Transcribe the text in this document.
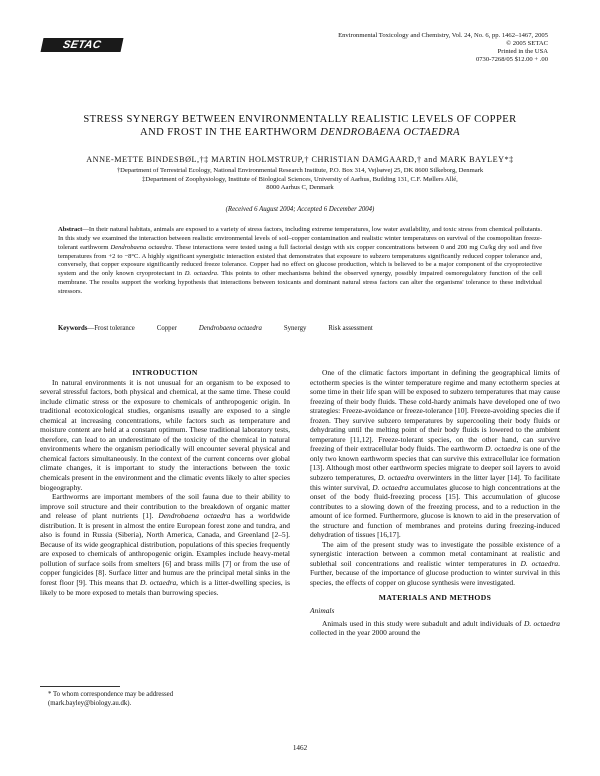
SETAC PRESS
Environmental Toxicology and Chemistry, Vol. 24, No. 6, pp. 1462–1467, 2005
© 2005 SETAC
Printed in the USA
0730-7268/05 $12.00 + .00
STRESS SYNERGY BETWEEN ENVIRONMENTALLY REALISTIC LEVELS OF COPPER
AND FROST IN THE EARTHWORM DENDROBAENA OCTAEDRA
ANNE-METTE BINDESBØL,†‡ MARTIN HOLMSTRUP,† CHRISTIAN DAMGAARD,† and MARK BAYLEY*‡
†Department of Terrestrial Ecology, National Environmental Research Institute, P.O. Box 314, Vejlsøvej 25, DK 8600 Silkeborg, Denmark
‡Department of Zoophysiology, Institute of Biological Sciences, University of Aarhus, Building 131, C.F. Møllers Allé,
8000 Aarhus C, Denmark
(Received 6 August 2004; Accepted 6 December 2004)
Abstract—In their natural habitats, animals are exposed to a variety of stress factors, including extreme temperatures, low water availability, and toxic stress from chemical pollutants. In this study we examined the interaction between realistic environmental levels of soil–copper contamination and realistic winter temperatures on survival of the cosmopolitan freeze-tolerant earthworm Dendrobaena octaedra. These interactions were tested using a full factorial design with six copper concentrations between 0 and 200 mg Cu/kg dry soil and five temperatures from +2 to −8°C. A highly significant synergistic interaction existed that demonstrates that exposure to subzero temperatures significantly reduced copper tolerance and, conversely, that copper exposure significantly reduced freeze tolerance. Copper had no effect on glucose production, which is believed to be a major component of the cryoprotective system and the only known cryoprotectant in D. octaedra. This points to other mechanisms behind the observed synergy, possibly impaired osmoregulatory function of the cell membrane. The results support the working hypothesis that interactions between toxicants and dominant natural stress factors can alter the organisms' tolerance to these individual stressors.
Keywords—Frost tolerance	Copper	Dendrobaena octaedra	Synergy	Risk assessment

INTRODUCTION

In natural environments it is not unusual for an organism to be exposed to several stressful factors, both physical and chemical, at the same time. These could include climatic stress or the exposure to chemicals of anthropogenic origin. In traditional ecotoxicological studies, organisms usually are exposed to a single chemical at increasing concentrations, while factors such as temperature and moisture content are held at a constant optimum. These traditional laboratory tests, therefore, can lead to an underestimate of the toxicity of the chemical in natural environments where the organism periodically will encounter several physical and chemical factors simultaneously. In the context of the current concerns over global climate changes, it is important to study the interactions between the toxic chemicals present in the environment and the climatic events likely to alter species biogeography.

Earthworms are important members of the soil fauna due to their ability to improve soil structure and their contribution to the breakdown of organic matter and release of plant nutrients [1]. Dendrobaena octaedra has a worldwide distribution. It is present in almost the entire European forest zone and tundra, and also is found in Russia (Siberia), North America, Canada, and Greenland [2–5]. Because of its wide geographical distribution, populations of this species frequently are exposed to chemicals of anthropogenic origin. Examples include heavy-metal pollution of surface soils from smelters [6] and brass mills [7] or from the use of copper fungicides [8]. Surface litter and humus are the principal metal sinks in the forest floor [9]. This means that D. octaedra, which is a litter-dwelling species, is likely to be more exposed to metals than burrowing species.

One of the climatic factors important in defining the geographical limits of ectotherm species is the winter temperature regime and many ectotherm species at some time in their life span will be exposed to subzero temperatures that may cause freezing of their body fluids. These cold-hardy animals have developed one of two strategies: Freeze-avoidance or freeze-tolerance [10]. Freeze-avoiding species die if frozen. They survive subzero temperatures by supercooling their body fluids or dehydrating until the melting point of their body fluids is lowered to the ambient temperature [11,12]. Freeze-tolerant species, on the other hand, can survive freezing of their extracellular body fluids. The earthworm D. octaedra is one of the only two known earthworm species that can survive this extracellular ice formation [13]. Although most other earthworm species migrate to deeper soil layers to avoid subzero temperatures, D. octaedra overwinters in the litter layer [14]. To facilitate this winter survival, D. octaedra accumulates glucose to high concentrations at the onset of the body fluid-freezing process [15]. This accumulation of glucose contributes to a slowing down of the freezing process, and to a reduction in the amount of ice formed. Furthermore, glucose is known to aid in the preservation of the structure and function of membranes and proteins during freezing-induced dehydration of tissues [16,17].

The aim of the present study was to investigate the possible existence of a synergistic interaction between a common metal contaminant at realistic and sublethal soil concentrations and realistic winter temperatures in D. octaedra. Further, because of the importance of glucose production to winter survival in this species, the effects of copper on glucose synthesis were investigated.

MATERIALS AND METHODS

Animals

Animals used in this study were subadult and adult individuals of D. octaedra collected in the year 2000 around the

* To whom correspondence may be addressed

(mark.bayley@biology.au.dk).

1462
